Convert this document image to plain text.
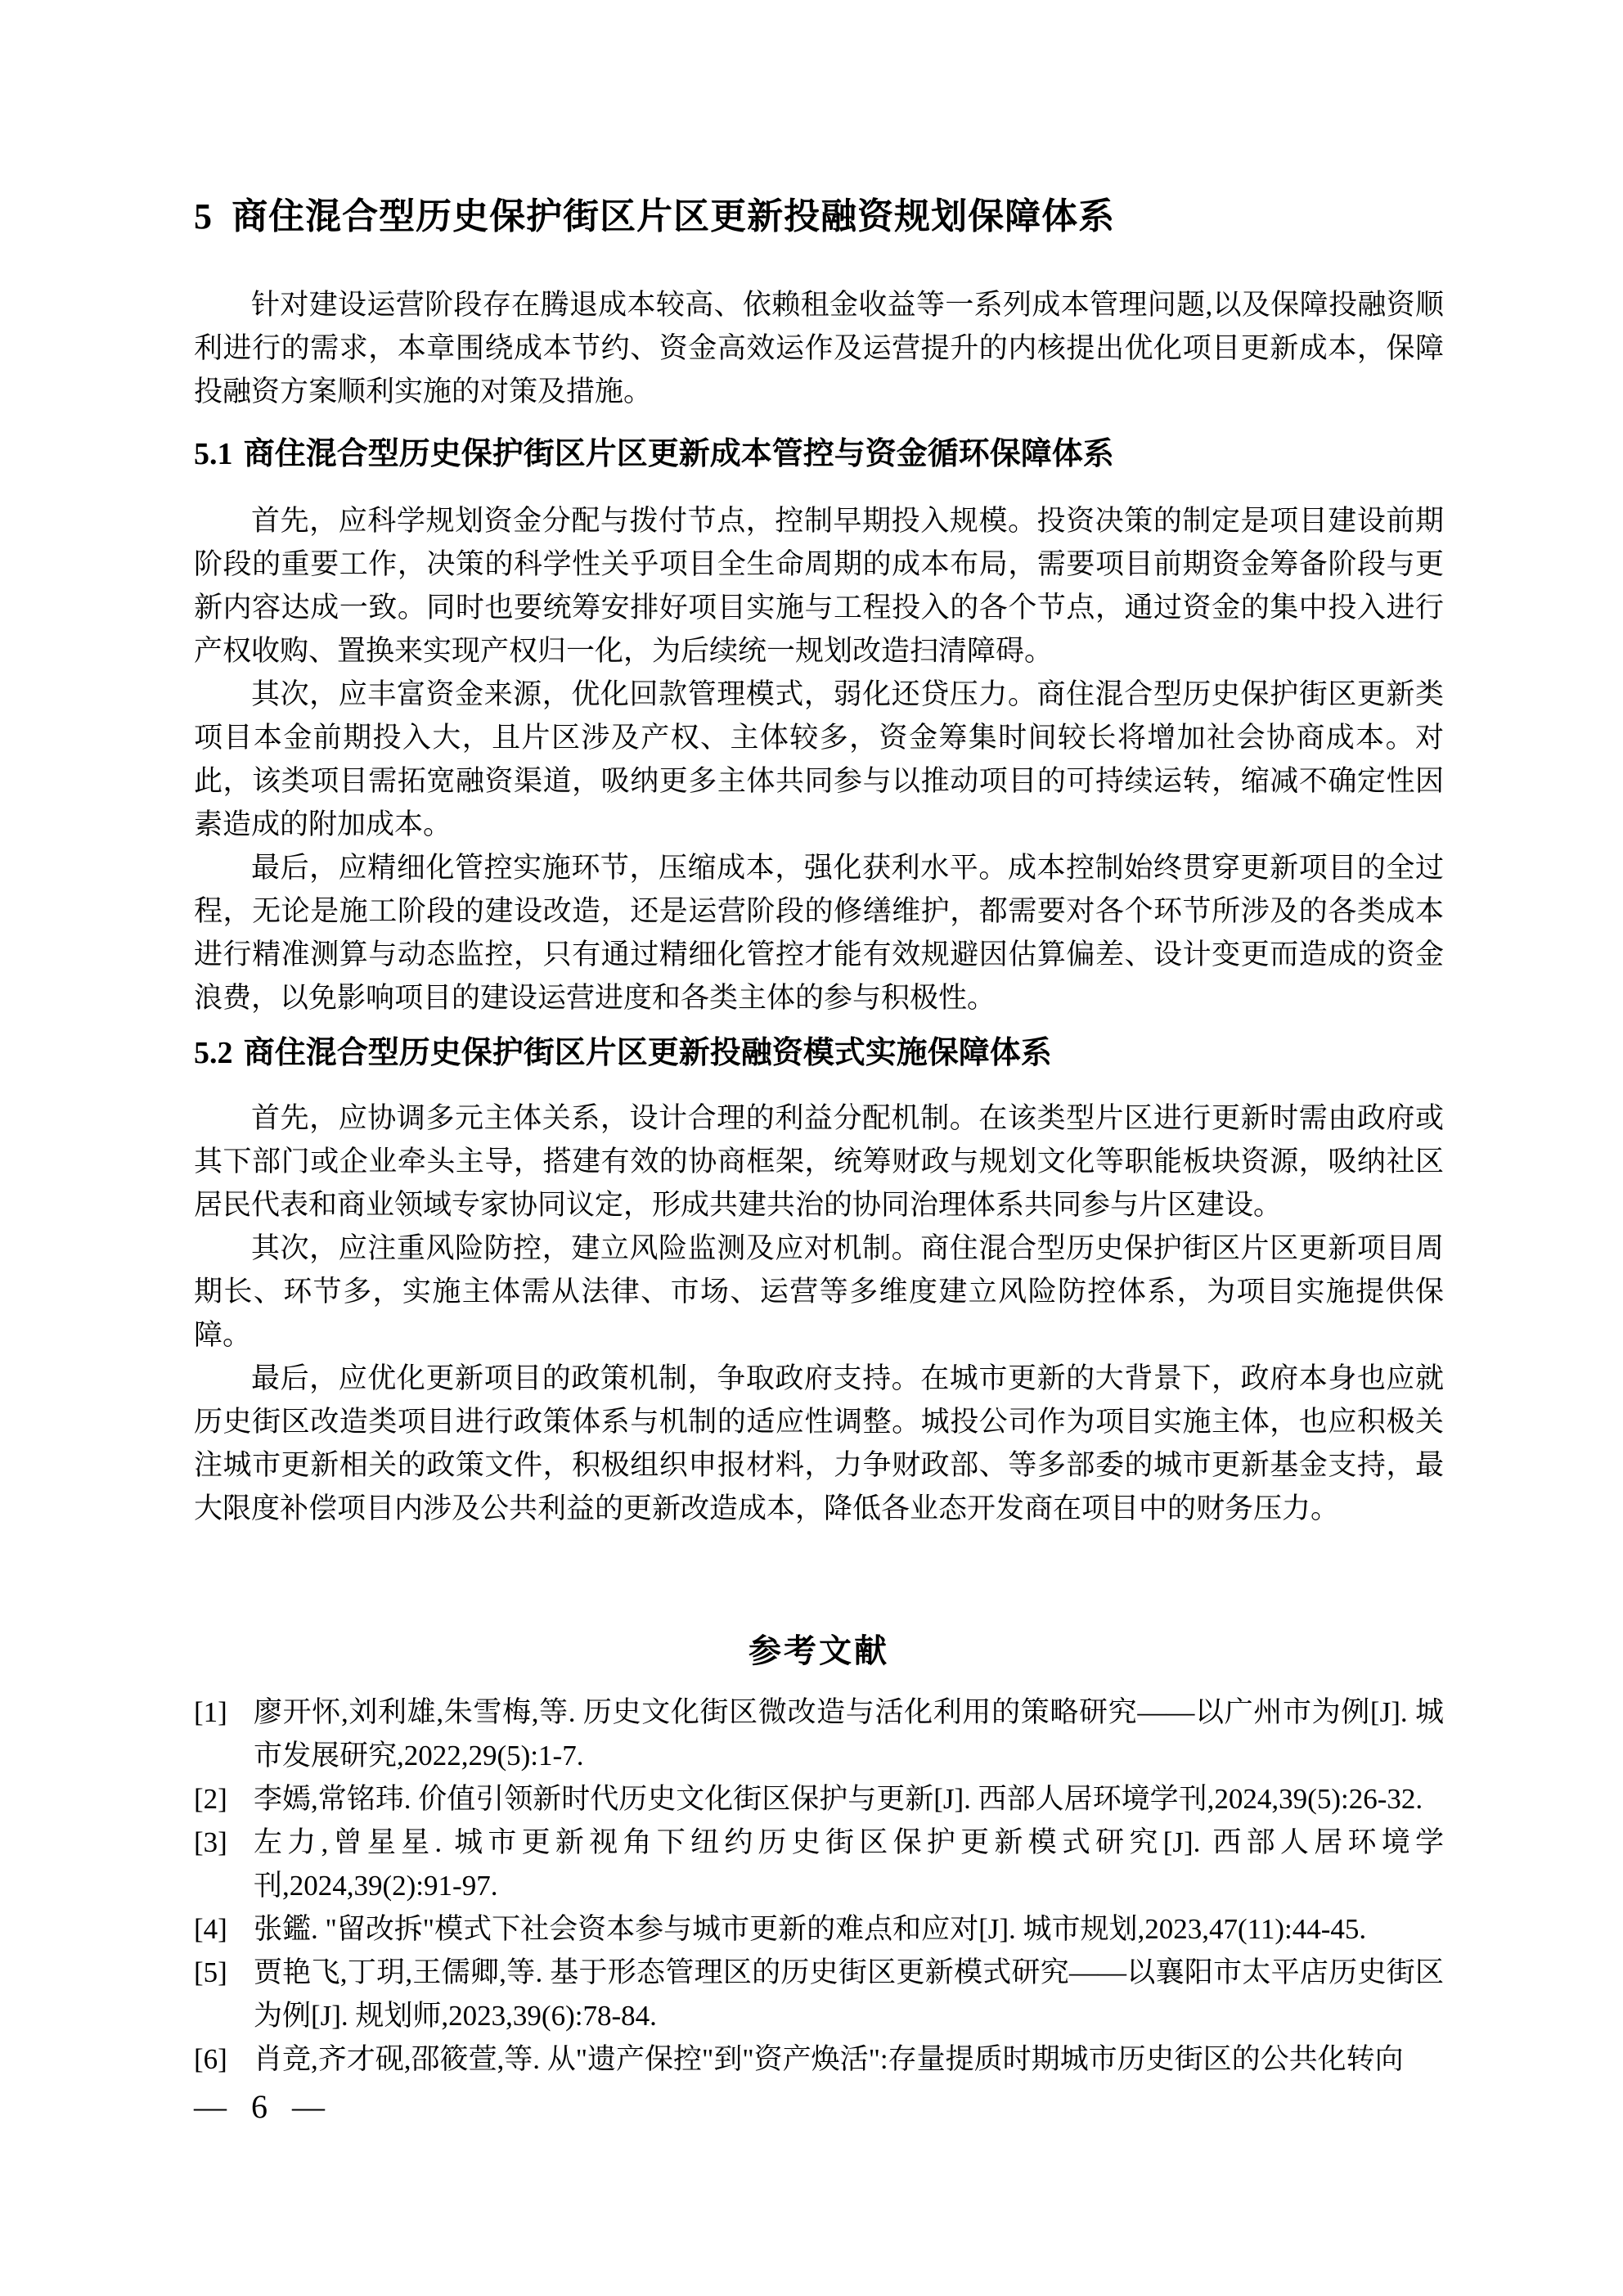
5 商住混合型历史保护街区片区更新投融资规划保障体系

针对建设运营阶段存在腾退成本较高、依赖租金收益等一系列成本管理问题,以及保障投融资顺利进行的需求，本章围绕成本节约、资金高效运作及运营提升的内核提出优化项目更新成本，保障投融资方案顺利实施的对策及措施。

5.1 商住混合型历史保护街区片区更新成本管控与资金循环保障体系

首先，应科学规划资金分配与拨付节点，控制早期投入规模。投资决策的制定是项目建设前期阶段的重要工作，决策的科学性关乎项目全生命周期的成本布局，需要项目前期资金筹备阶段与更新内容达成一致。同时也要统筹安排好项目实施与工程投入的各个节点，通过资金的集中投入进行产权收购、置换来实现产权归一化，为后续统一规划改造扫清障碍。

其次，应丰富资金来源，优化回款管理模式，弱化还贷压力。商住混合型历史保护街区更新类项目本金前期投入大，且片区涉及产权、主体较多，资金筹集时间较长将增加社会协商成本。对此，该类项目需拓宽融资渠道，吸纳更多主体共同参与以推动项目的可持续运转，缩减不确定性因素造成的附加成本。

最后，应精细化管控实施环节，压缩成本，强化获利水平。成本控制始终贯穿更新项目的全过程，无论是施工阶段的建设改造，还是运营阶段的修缮维护，都需要对各个环节所涉及的各类成本进行精准测算与动态监控，只有通过精细化管控才能有效规避因估算偏差、设计变更而造成的资金浪费，以免影响项目的建设运营进度和各类主体的参与积极性。

5.2 商住混合型历史保护街区片区更新投融资模式实施保障体系

首先，应协调多元主体关系，设计合理的利益分配机制。在该类型片区进行更新时需由政府或其下部门或企业牵头主导，搭建有效的协商框架，统筹财政与规划文化等职能板块资源，吸纳社区居民代表和商业领域专家协同议定，形成共建共治的协同治理体系共同参与片区建设。

其次，应注重风险防控，建立风险监测及应对机制。商住混合型历史保护街区片区更新项目周期长、环节多，实施主体需从法律、市场、运营等多维度建立风险防控体系，为项目实施提供保障。

最后，应优化更新项目的政策机制，争取政府支持。在城市更新的大背景下，政府本身也应就历史街区改造类项目进行政策体系与机制的适应性调整。城投公司作为项目实施主体，也应积极关注城市更新相关的政策文件，积极组织申报材料，力争财政部、等多部委的城市更新基金支持，最大限度补偿项目内涉及公共利益的更新改造成本，降低各业态开发商在项目中的财务压力。

参考文献
[1] 廖开怀,刘利雄,朱雪梅,等. 历史文化街区微改造与活化利用的策略研究——以广州市为例[J]. 城市发展研究,2022,29(5):1-7.
[2] 李嫣,常铭玮. 价值引领新时代历史文化街区保护与更新[J]. 西部人居环境学刊,2024,39(5):26-32.
[3] 左力,曾星星. 城市更新视角下纽约历史街区保护更新模式研究[J]. 西部人居环境学刊,2024,39(2):91-97.
[4] 张鑑. "留改拆"模式下社会资本参与城市更新的难点和应对[J]. 城市规划,2023,47(11):44-45.
[5] 贾艳飞,丁玥,王儒卿,等. 基于形态管理区的历史街区更新模式研究——以襄阳市太平店历史街区为例[J]. 规划师,2023,39(6):78-84.
[6] 肖竞,齐才砚,邵筱萱,等. 从"遗产保控"到"资产焕活":存量提质时期城市历史街区的公共化转向
— 6 —
